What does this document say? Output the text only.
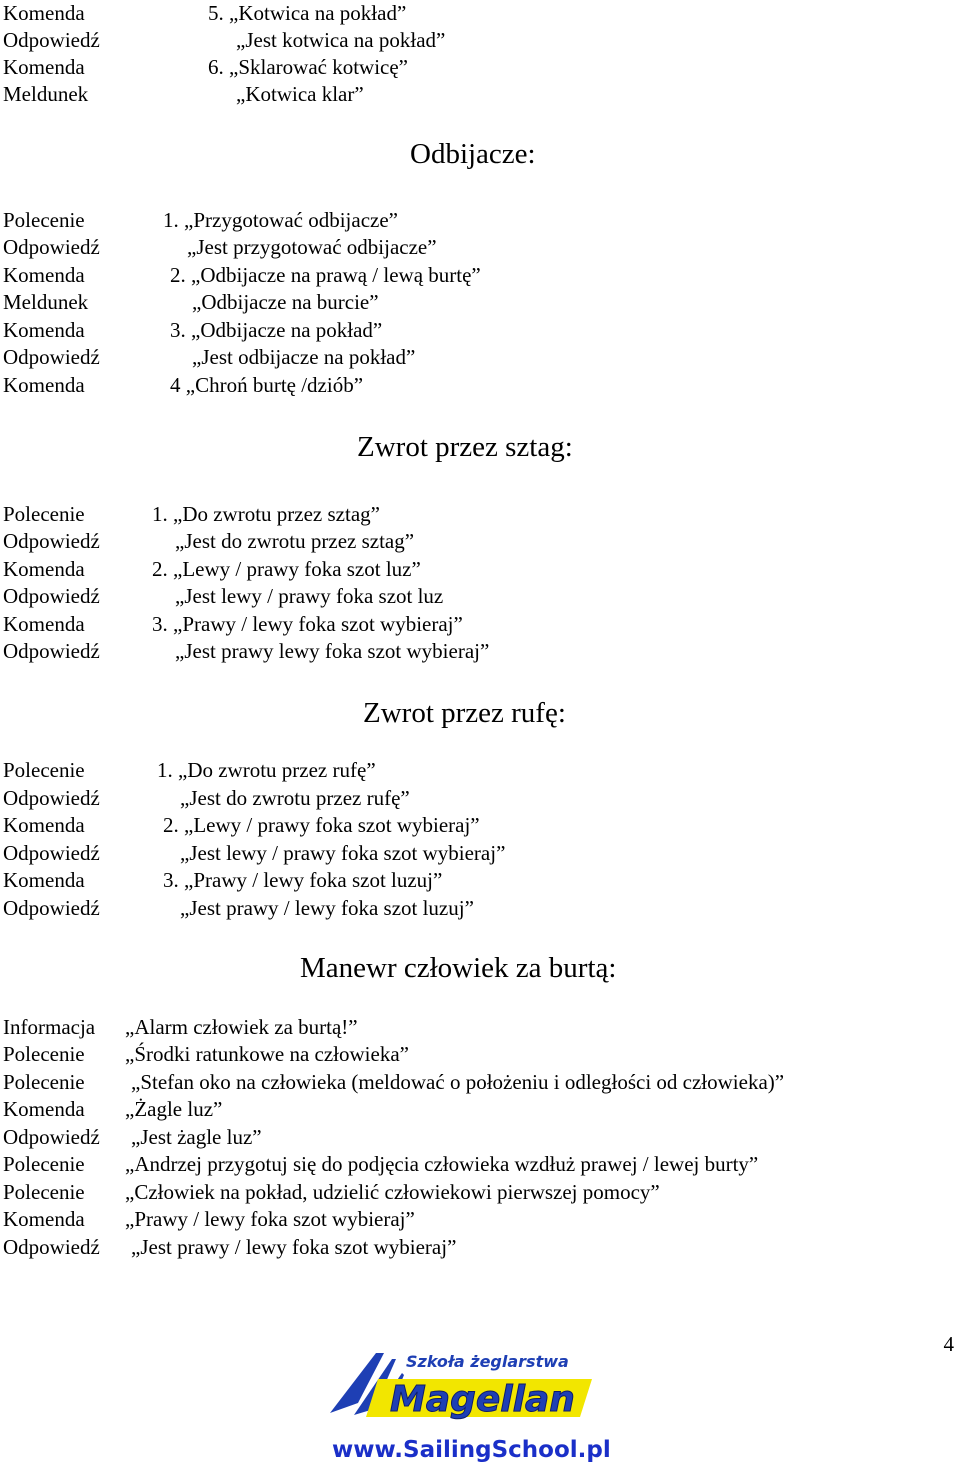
Komenda	5. „Kotwica na pokład”
Odpowiedź	„Jest kotwica na pokład”
Komenda	6. „Sklarować kotwicę”
Meldunek	„Kotwica klar”
Odbijacze:
Polecenie	1. „Przygotować odbijacze”
Odpowiedź	„Jest przygotować odbijacze”
Komenda	2. „Odbijacze na prawą / lewą burtę”
Meldunek	„Odbijacze na burcie”
Komenda	3. „Odbijacze na pokład”
Odpowiedź	„Jest odbijacze na pokład”
Komenda	4 „Chroń burtę /dziób”
Zwrot przez sztag:
Polecenie	1. „Do zwrotu przez sztag”
Odpowiedź	„Jest do zwrotu przez sztag”
Komenda	2. „Lewy / prawy foka szot luz”
Odpowiedź	„Jest lewy / prawy foka szot luz
Komenda	3. „Prawy / lewy foka szot wybieraj”
Odpowiedź	„Jest prawy lewy foka szot wybieraj”
Zwrot przez rufę:
Polecenie	1. „Do zwrotu przez rufę”
Odpowiedź	„Jest do zwrotu przez rufę”
Komenda	2. „Lewy / prawy foka szot wybieraj”
Odpowiedź	„Jest lewy / prawy foka szot wybieraj”
Komenda	3. „Prawy / lewy foka szot luzuj”
Odpowiedź	„Jest prawy / lewy foka szot luzuj”
Manewr człowiek za burtą:
Informacja „Alarm człowiek za burtą!”
Polecenie „Środki ratunkowe na człowieka”
Polecenie „Stefan oko na człowieka (meldować o położeniu i odległości od człowieka)”
Komenda „Żagle luz”
Odpowiedź „Jest żagle luz”
Polecenie „Andrzej przygotuj się do podjęcia człowieka wzdłuż prawej / lewej burty”
Polecenie „Człowiek na pokład, udzielić człowiekowi pierwszej pomocy”
Komenda „Prawy / lewy foka szot wybieraj”
Odpowiedź „Jest prawy / lewy foka szot wybieraj”
4
Szkoła żeglarstwa
Magellan
www.SailingSchool.pl
